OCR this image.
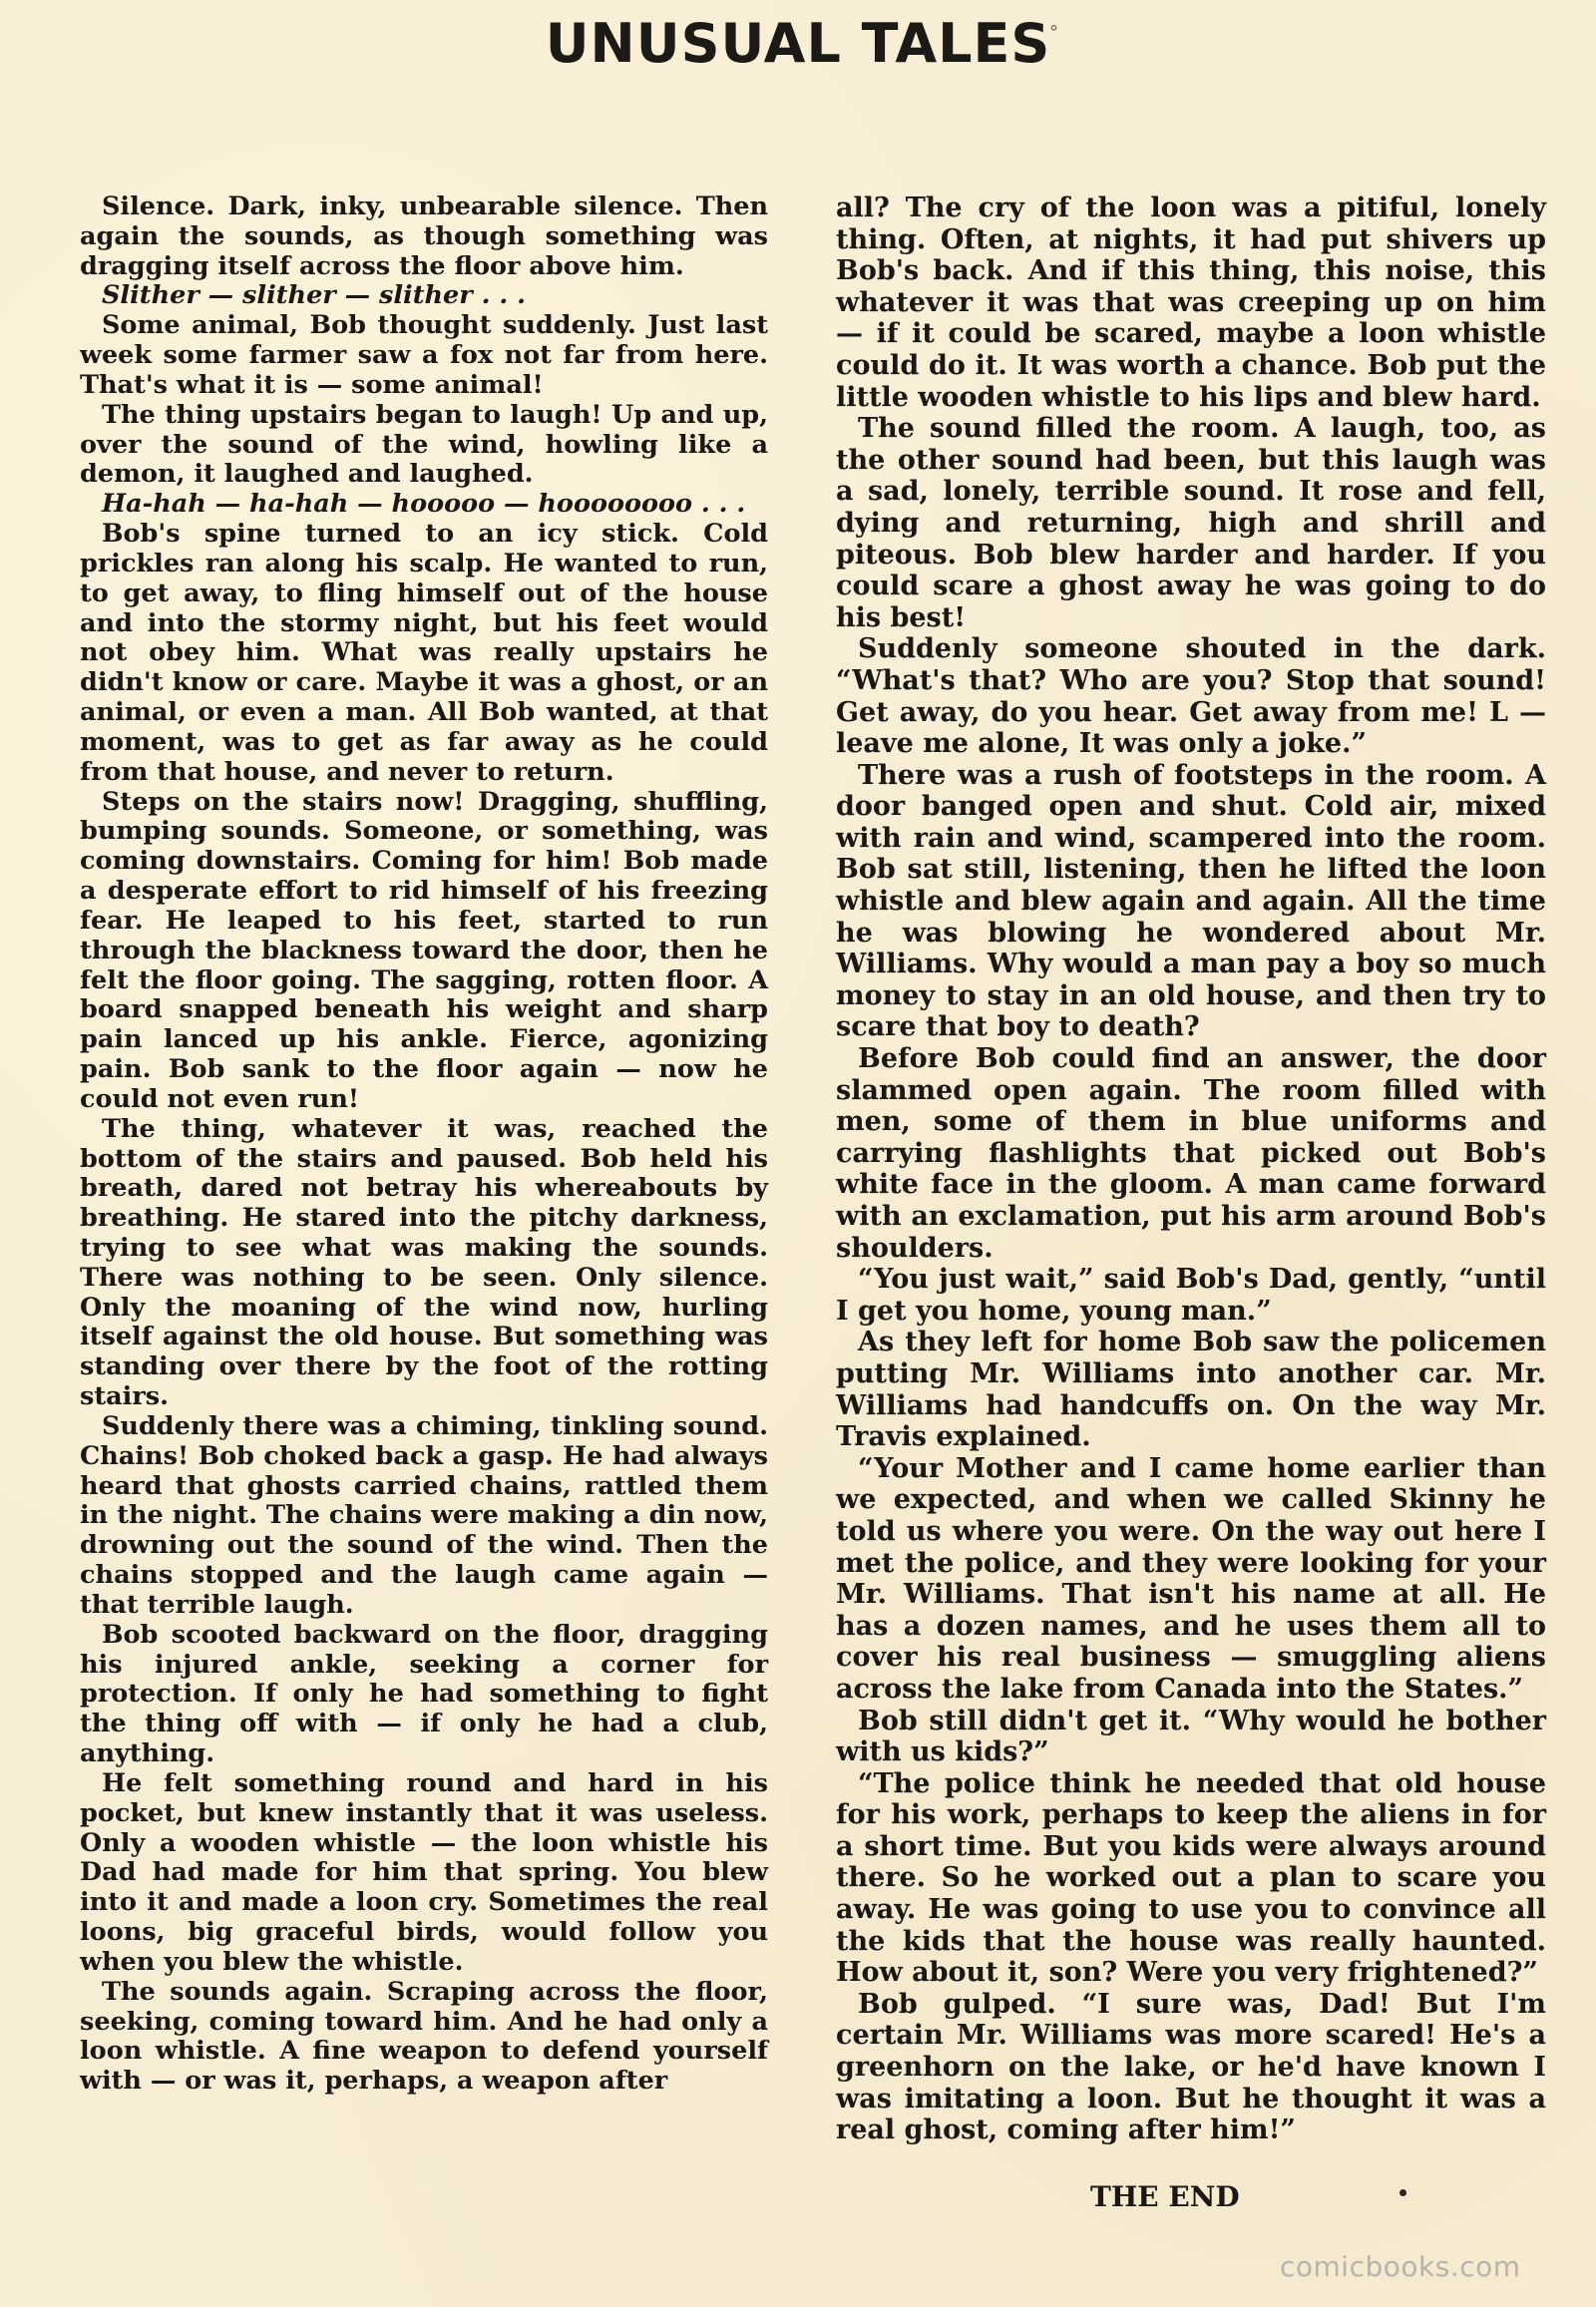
UNUSUAL TALES
°

Silence. Dark, inky, unbearable silence. Then again the sounds, as though something was dragging itself across the floor above him.

Slither — slither — slither . . .

Some animal, Bob thought suddenly. Just last week some farmer saw a fox not far from here. That's what it is — some animal!

The thing upstairs began to laugh! Up and up, over the sound of the wind, howling like a demon, it laughed and laughed.

Ha-hah — ha-hah — hooooo — hoooooooo . . .

Bob's spine turned to an icy stick. Cold prickles ran along his scalp. He wanted to run, to get away, to fling himself out of the house and into the stormy night, but his feet would not obey him. What was really upstairs he didn't know or care. Maybe it was a ghost, or an animal, or even a man. All Bob wanted, at that moment, was to get as far away as he could from that house, and never to return.

Steps on the stairs now! Dragging, shuffling, bumping sounds. Someone, or something, was coming downstairs. Coming for him! Bob made a desperate effort to rid himself of his freezing fear. He leaped to his feet, started to run through the blackness toward the door, then he felt the floor going. The sagging, rotten floor. A board snapped beneath his weight and sharp pain lanced up his ankle. Fierce, agonizing pain. Bob sank to the floor again — now he could not even run!

The thing, whatever it was, reached the bottom of the stairs and paused. Bob held his breath, dared not betray his whereabouts by breathing. He stared into the pitchy darkness, trying to see what was making the sounds. There was nothing to be seen. Only silence. Only the moaning of the wind now, hurling itself against the old house. But something was standing over there by the foot of the rotting stairs.

Suddenly there was a chiming, tinkling sound. Chains! Bob choked back a gasp. He had always heard that ghosts carried chains, rattled them in the night. The chains were making a din now, drowning out the sound of the wind. Then the chains stopped and the laugh came again — that terrible laugh.

Bob scooted backward on the floor, dragging his injured ankle, seeking a corner for protection. If only he had something to fight the thing off with — if only he had a club, anything.

He felt something round and hard in his pocket, but knew instantly that it was useless. Only a wooden whistle — the loon whistle his Dad had made for him that spring. You blew into it and made a loon cry. Sometimes the real loons, big graceful birds, would follow you when you blew the whistle.

The sounds again. Scraping across the floor, seeking, coming toward him. And he had only a loon whistle. A fine weapon to defend yourself with — or was it, perhaps, a weapon after

all? The cry of the loon was a pitiful, lonely thing. Often, at nights, it had put shivers up Bob's back. And if this thing, this noise, this whatever it was that was creeping up on him — if it could be scared, maybe a loon whistle could do it. It was worth a chance. Bob put the little wooden whistle to his lips and blew hard.

The sound filled the room. A laugh, too, as the other sound had been, but this laugh was a sad, lonely, terrible sound. It rose and fell, dying and returning, high and shrill and piteous. Bob blew harder and harder. If you could scare a ghost away he was going to do his best!

Suddenly someone shouted in the dark. “What's that? Who are you? Stop that sound! Get away, do you hear. Get away from me! L — leave me alone, It was only a joke.”

There was a rush of footsteps in the room. A door banged open and shut. Cold air, mixed with rain and wind, scampered into the room. Bob sat still, listening, then he lifted the loon whistle and blew again and again. All the time he was blowing he wondered about Mr. Williams. Why would a man pay a boy so much money to stay in an old house, and then try to scare that boy to death?

Before Bob could find an answer, the door slammed open again. The room filled with men, some of them in blue uniforms and carrying flashlights that picked out Bob's white face in the gloom. A man came forward with an exclamation, put his arm around Bob's shoulders.

“You just wait,” said Bob's Dad, gently, “until I get you home, young man.”

As they left for home Bob saw the policemen putting Mr. Williams into another car. Mr. Williams had handcuffs on. On the way Mr. Travis explained.

“Your Mother and I came home earlier than we expected, and when we called Skinny he told us where you were. On the way out here I met the police, and they were looking for your Mr. Williams. That isn't his name at all. He has a dozen names, and he uses them all to cover his real business — smuggling aliens across the lake from Canada into the States.”

Bob still didn't get it. “Why would he bother with us kids?”

“The police think he needed that old house for his work, perhaps to keep the aliens in for a short time. But you kids were always around there. So he worked out a plan to scare you away. He was going to use you to convince all the kids that the house was really haunted. How about it, son? Were you very frightened?”

Bob gulped. “I sure was, Dad! But I'm certain Mr. Williams was more scared! He's a greenhorn on the lake, or he'd have known I was imitating a loon. But he thought it was a real ghost, coming after him!”

THE END
comicbooks.com
